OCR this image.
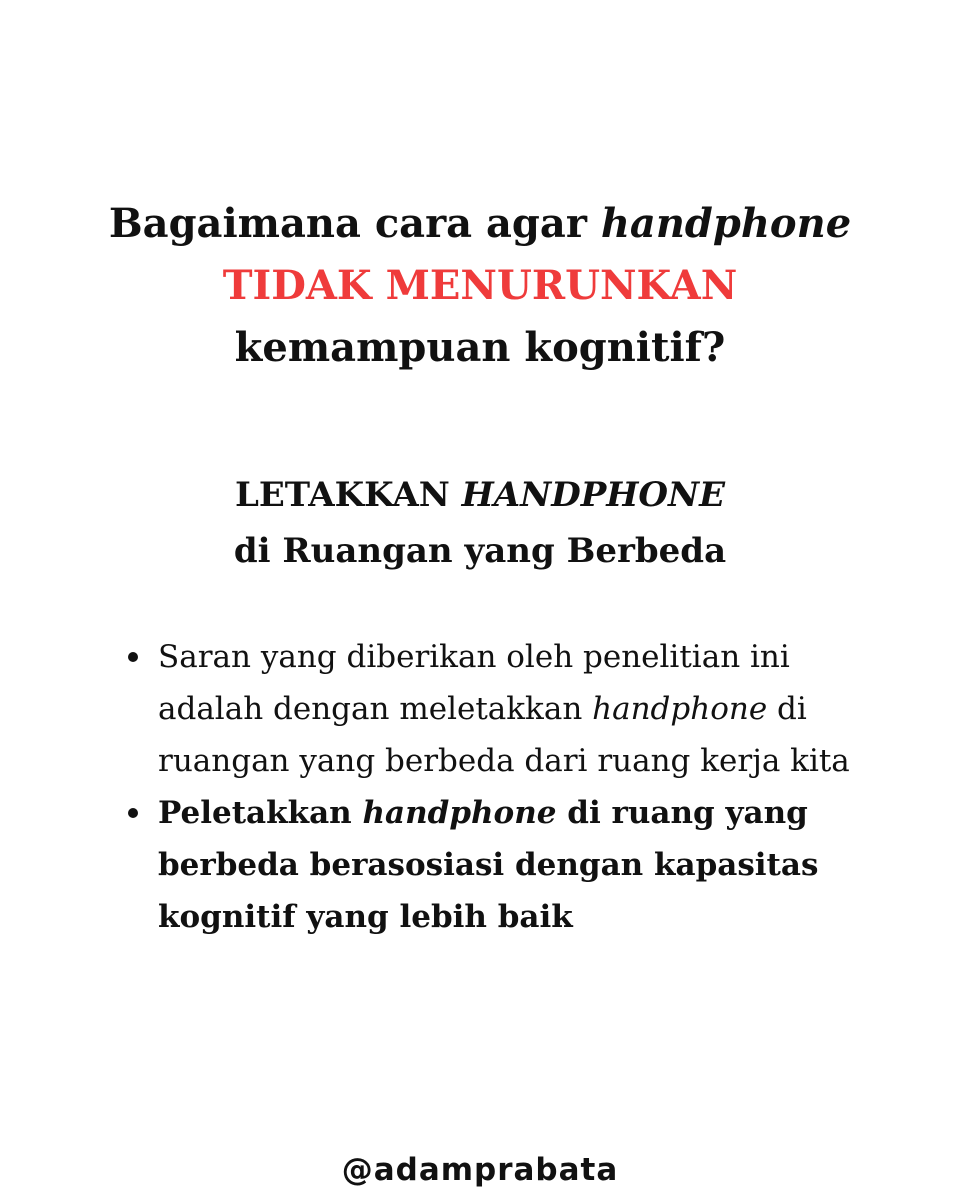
Bagaimana cara agar handphone
TIDAK MENURUNKAN
kemampuan kognitif?
LETAKKAN HANDPHONE
di Ruangan yang Berbeda
Saran yang diberikan oleh penelitian ini adalah dengan meletakkan handphone di ruangan yang berbeda dari ruang kerja kita
Peletakkan handphone di ruang yang berbeda berasosiasi dengan kapasitas kognitif yang lebih baik
@adamprabata
